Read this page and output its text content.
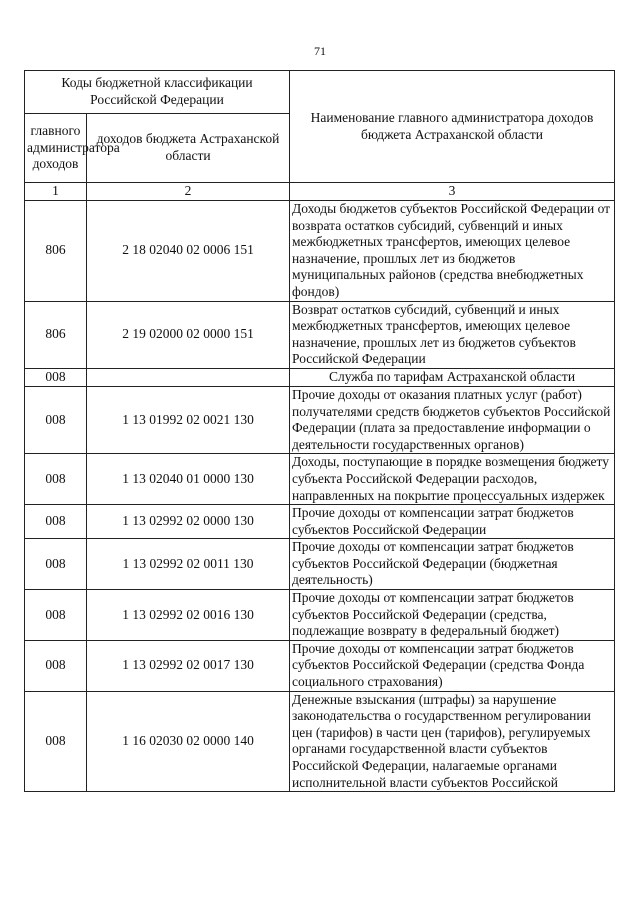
71
Коды бюджетной классификации Российской Федерации		Наименование главного администратора доходов бюджета Астраханской области
главного администратора доходов	доходов бюджета Астраханской области	
1	2	3
806	2 18 02040 02 0006 151	Доходы бюджетов субъектов Российской Федерации от возврата остатков субсидий, субвенций и иных межбюджетных трансфертов, имеющих целевое назначение, прошлых лет из бюджетов муниципальных районов (средства внебюджетных фондов)
806	2 19 02000 02 0000 151	Возврат остатков субсидий, субвенций и иных межбюджетных трансфертов, имеющих целевое назначение, прошлых лет из бюджетов субъектов Российской Федерации
008		Служба по тарифам Астраханской области
008	1 13 01992 02 0021 130	Прочие доходы от оказания платных услуг (работ) получателями средств бюджетов субъектов Российской Федерации (плата за предоставление информации о деятельности государственных органов)
008	1 13 02040 01 0000 130	Доходы, поступающие в порядке возмещения бюджету субъекта Российской Федерации расходов, направленных на покрытие процессуальных издержек
008	1 13 02992 02 0000 130	Прочие доходы от компенсации затрат бюджетов субъектов Российской Федерации
008	1 13 02992 02 0011 130	Прочие доходы от компенсации затрат бюджетов субъектов Российской Федерации (бюджетная деятельность)
008	1 13 02992 02 0016 130	Прочие доходы от компенсации затрат бюджетов субъектов Российской Федерации (средства, подлежащие возврату в федеральный бюджет)
008	1 13 02992 02 0017 130	Прочие доходы от компенсации затрат бюджетов субъектов Российской Федерации (средства Фонда социального страхования)
008	1 16 02030 02 0000 140	Денежные взыскания (штрафы) за нарушение законодательства о государственном регулировании цен (тарифов) в части цен (тарифов), регулируемых органами государственной власти субъектов Российской Федерации, налагаемые органами исполнительной власти субъектов Российской
